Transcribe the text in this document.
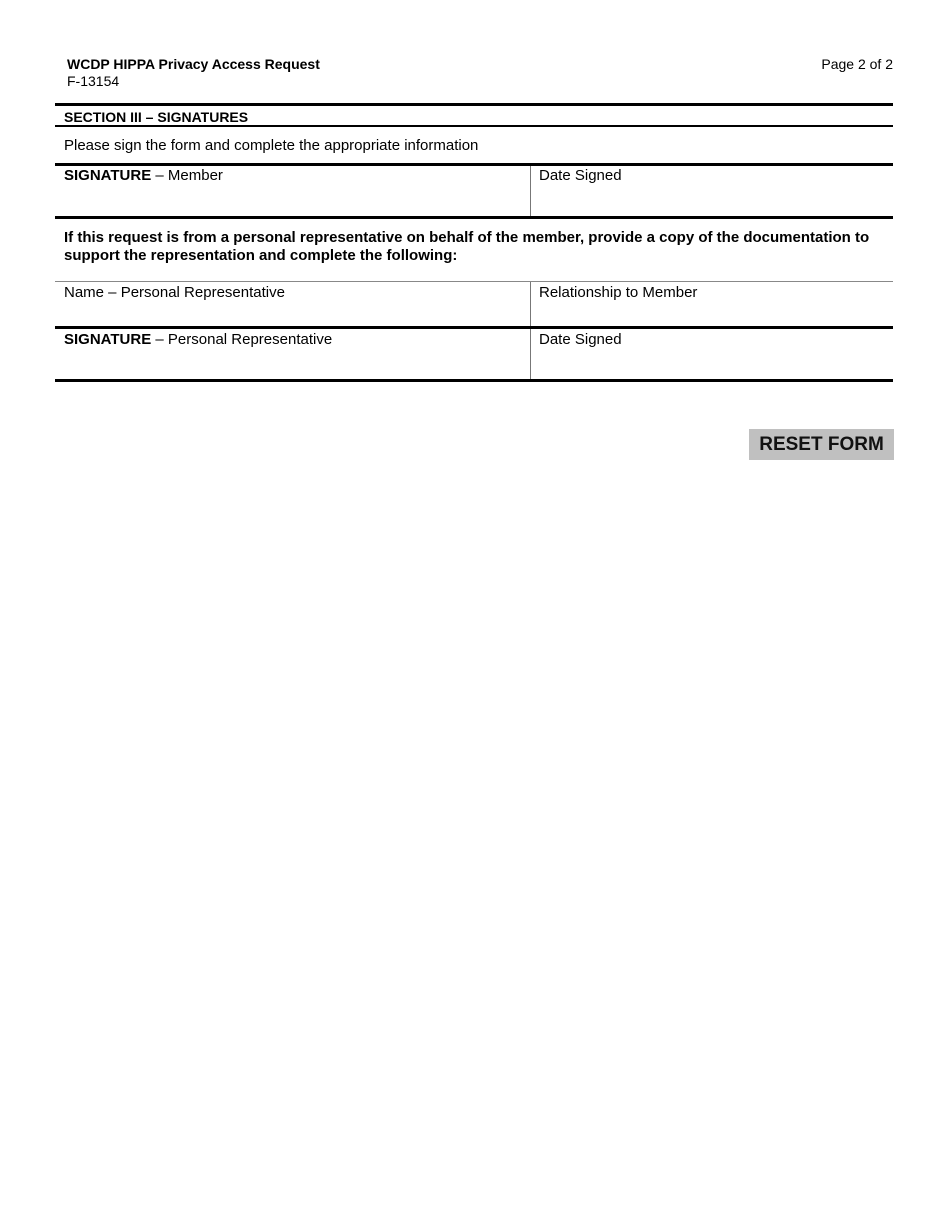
WCDP HIPPA Privacy Access Request
F-13154
Page 2 of 2
SECTION III – SIGNATURES
Please sign the form and complete the appropriate information
SIGNATURE – Member	Date Signed
If this request is from a personal representative on behalf of the member, provide a copy of the documentation to support the representation and complete the following:
Name – Personal Representative	Relationship to Member
SIGNATURE – Personal Representative	Date Signed
RESET FORM
